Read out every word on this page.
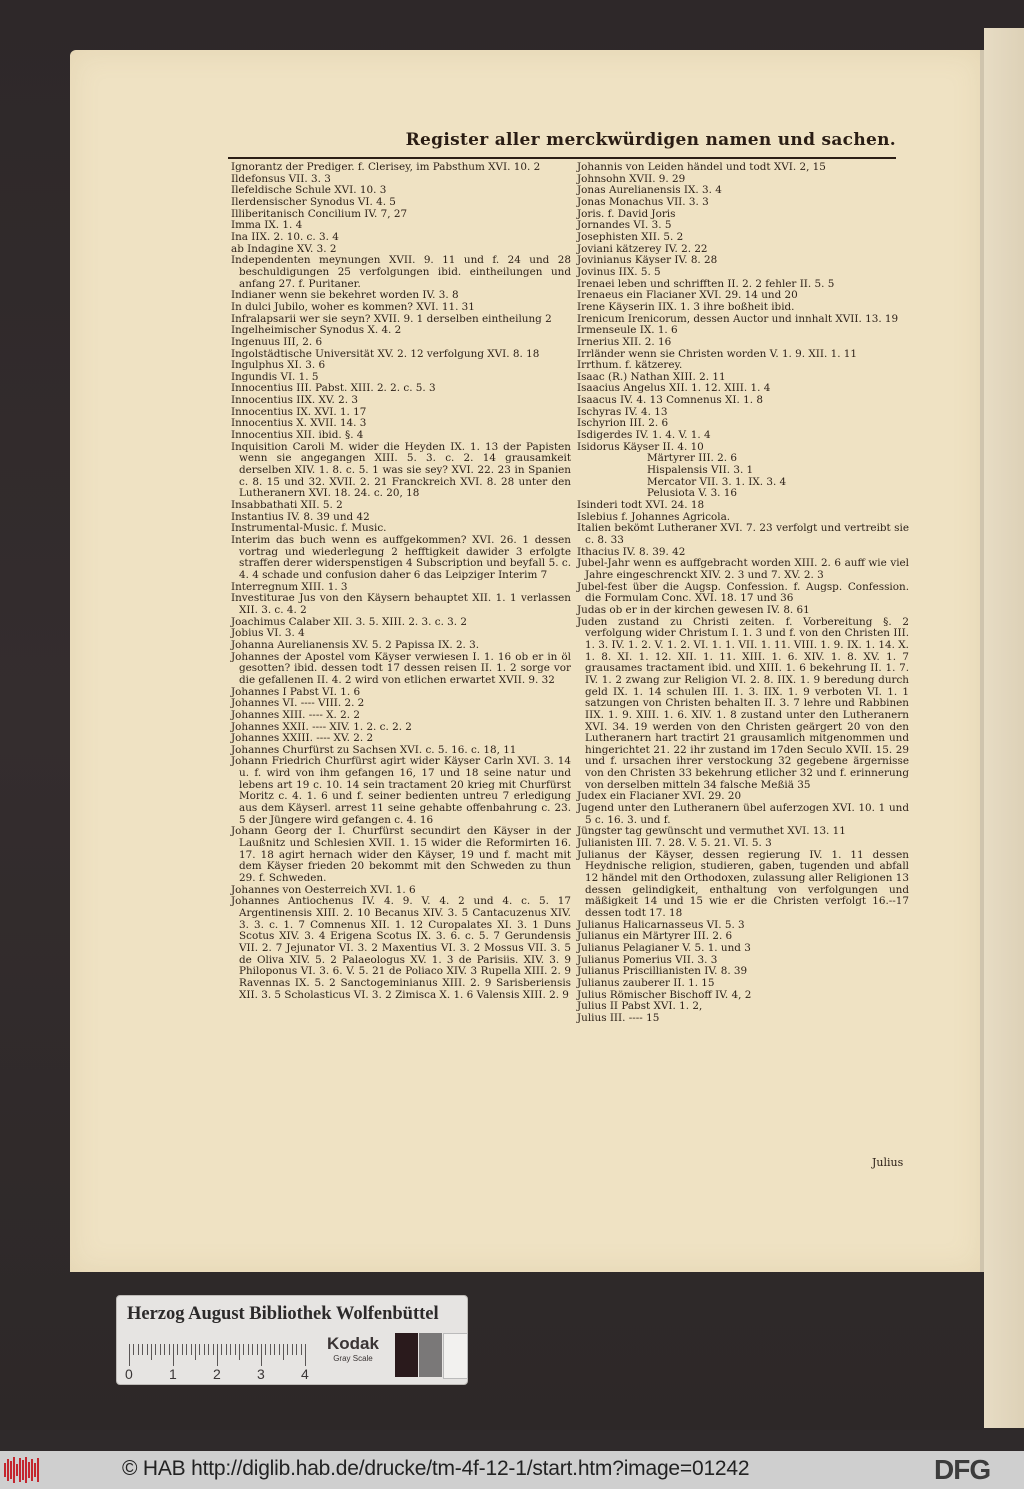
Register aller merckwürdigen namen und sachen.

Ignorantz der Prediger. f. Clerisey, im Pabsthum XVI. 10. 2

Ildefonsus VII. 3. 3

Ilefeldische Schule XVI. 10. 3

Ilerdensischer Synodus VI. 4. 5

Illiberitanisch Concilium IV. 7, 27

Imma IX. 1. 4

Ina IIX. 2. 10. c. 3. 4

ab Indagine XV. 3. 2

Independenten meynungen XVII. 9. 11 und f. 24 und 28 beschuldigungen 25 verfolgungen ibid. eintheilungen und anfang 27. f. Puritaner.

Indianer wenn sie bekehret worden IV. 3. 8

In dulci Jubilo, woher es kommen? XVI. 11. 31

Infralapsarii wer sie seyn? XVII. 9. 1 derselben eintheilung 2

Ingelheimischer Synodus X. 4. 2

Ingenuus III, 2. 6

Ingolstädtische Universität XV. 2. 12 verfolgung XVI. 8. 18

Ingulphus XI. 3. 6

Ingundis VI. 1. 5

Innocentius III. Pabst. XIII. 2. 2. c. 5. 3

Innocentius IIX. XV. 2. 3

Innocentius IX. XVI. 1. 17

Innocentius X. XVII. 14. 3

Innocentius XII. ibid. §. 4

Inquisition Caroli M. wider die Heyden IX. 1. 13 der Papisten wenn sie angegangen XIII. 5. 3. c. 2. 14 grausamkeit derselben XIV. 1. 8. c. 5. 1 was sie sey? XVI. 22. 23 in Spanien c. 8. 15 und 32. XVII. 2. 21 Franckreich XVI. 8. 28 unter den Lutheranern XVI. 18. 24. c. 20, 18

Insabbathati XII. 5. 2

Instantius IV. 8. 39 und 42

Instrumental-Music. f. Music.

Interim das buch wenn es auffgekommen? XVI. 26. 1 dessen vortrag und wiederlegung 2 hefftigkeit dawider 3 erfolgte straffen derer widerspenstigen 4 Subscription und beyfall 5. c. 4. 4 schade und confusion daher 6 das Leipziger Interim 7

Interregnum XIII. 1. 3

Investiturae Jus von den Käysern behauptet XII. 1. 1 verlassen XII. 3. c. 4. 2

Joachimus Calaber XII. 3. 5. XIII. 2. 3. c. 3. 2

Jobius VI. 3. 4

Johanna Aurelianensis XV. 5. 2 Papissa IX. 2. 3.

Johannes der Apostel vom Käyser verwiesen I. 1. 16 ob er in öl gesotten? ibid. dessen todt 17 dessen reisen II. 1. 2 sorge vor die gefallenen II. 4. 2 wird von etlichen erwartet XVII. 9. 32

Johannes I Pabst VI. 1. 6

Johannes VI. ---- VIII. 2. 2

Johannes XIII. ---- X. 2. 2

Johannes XXII. ---- XIV. 1. 2. c. 2. 2

Johannes XXIII. ---- XV. 2. 2

Johannes Churfürst zu Sachsen XVI. c. 5. 16. c. 18, 11

Johann Friedrich Churfürst agirt wider Käyser Carln XVI. 3. 14 u. f. wird von ihm gefangen 16, 17 und 18 seine natur und lebens art 19 c. 10. 14 sein tractament 20 krieg mit Churfürst Moritz c. 4. 1. 6 und f. seiner bedienten untreu 7 erledigung aus dem Käyserl. arrest 11 seine gehabte offenbahrung c. 23. 5 der Jüngere wird gefangen c. 4. 16

Johann Georg der I. Churfürst secundirt den Käyser in der Laußnitz und Schlesien XVII. 1. 15 wider die Reformirten 16. 17. 18 agirt hernach wider den Käyser, 19 und f. macht mit dem Käyser frieden 20 bekommt mit den Schweden zu thun 29. f. Schweden.

Johannes von Oesterreich XVI. 1. 6

Johannes Antiochenus IV. 4. 9. V. 4. 2 und 4. c. 5. 17 Argentinensis XIII. 2. 10 Becanus XIV. 3. 5 Cantacuzenus XIV. 3. 3. c. 1. 7 Comnenus XII. 1. 12 Curopalates XI. 3. 1 Duns Scotus XIV. 3. 4 Erigena Scotus IX. 3. 6. c. 5. 7 Gerundensis VII. 2. 7 Jejunator VI. 3. 2 Maxentius VI. 3. 2 Mossus VII. 3. 5 de Oliva XIV. 5. 2 Palaeologus XV. 1. 3 de Parisiis. XIV. 3. 9 Philoponus VI. 3. 6. V. 5. 21 de Poliaco XIV. 3 Rupella XIII. 2. 9 Ravennas IX. 5. 2 Sanctogeminianus XIII. 2. 9 Sarisberiensis XII. 3. 5 Scholasticus VI. 3. 2 Zimisca X. 1. 6 Valensis XIII. 2. 9

Johannis von Leiden händel und todt XVI. 2, 15

Johnsohn XVII. 9. 29

Jonas Aurelianensis IX. 3. 4

Jonas Monachus VII. 3. 3

Joris. f. David Joris

Jornandes VI. 3. 5

Josephisten XII. 5. 2

Joviani kätzerey IV. 2. 22

Jovinianus Käyser IV. 8. 28

Jovinus IIX. 5. 5

Irenaei leben und schrifften II. 2. 2 fehler II. 5. 5

Irenaeus ein Flacianer XVI. 29. 14 und 20

Irene Käyserin IIX. 1. 3 ihre boßheit ibid.

Irenicum Irenicorum, dessen Auctor und innhalt XVII. 13. 19

Irmenseule IX. 1. 6

Irnerius XII. 2. 16

Irrländer wenn sie Christen worden V. 1. 9. XII. 1. 11

Irrthum. f. kätzerey.

Isaac (R.) Nathan XIII. 2. 11

Isaacius Angelus XII. 1. 12. XIII. 1. 4

Isaacus IV. 4. 13 Comnenus XI. 1. 8

Ischyras IV. 4. 13

Ischyrion III. 2. 6

Isdigerdes IV. 1. 4. V. 1. 4

Isidorus Käyser II. 4. 10

Märtyrer III. 2. 6

Hispalensis VII. 3. 1

Mercator VII. 3. 1. IX. 3. 4

Pelusiota V. 3. 16

Isinderi todt XVI. 24. 18

Islebius f. Johannes Agricola.

Italien bekömt Lutheraner XVI. 7. 23 verfolgt und vertreibt sie c. 8. 33

Ithacius IV. 8. 39. 42

Jubel-Jahr wenn es auffgebracht worden XIII. 2. 6 auff wie viel Jahre eingeschrenckt XIV. 2. 3 und 7. XV. 2. 3

Jubel-fest über die Augsp. Confession. f. Augsp. Confession. die Formulam Conc. XVI. 18. 17 und 36

Judas ob er in der kirchen gewesen IV. 8. 61

Juden zustand zu Christi zeiten. f. Vorbereitung §. 2 verfolgung wider Christum I. 1. 3 und f. von den Christen III. 1. 3. IV. 1. 2. V. 1. 2. VI. 1. 1. VII. 1. 11. VIII. 1. 9. IX. 1. 14. X. 1. 8. XI. 1. 12. XII. 1. 11. XIII. 1. 6. XIV. 1. 8. XV. 1. 7 grausames tractament ibid. und XIII. 1. 6 bekehrung II. 1. 7. IV. 1. 2 zwang zur Religion VI. 2. 8. IIX. 1. 9 beredung durch geld IX. 1. 14 schulen III. 1. 3. IIX. 1. 9 verboten VI. 1. 1 satzungen von Christen behalten II. 3. 7 lehre und Rabbinen IIX. 1. 9. XIII. 1. 6. XIV. 1. 8 zustand unter den Lutheranern XVI. 34. 19 werden von den Christen geärgert 20 von den Lutheranern hart tractirt 21 grausamlich mitgenommen und hingerichtet 21. 22 ihr zustand im 17den Seculo XVII. 15. 29 und f. ursachen ihrer verstockung 32 gegebene ärgernisse von den Christen 33 bekehrung etlicher 32 und f. erinnerung von derselben mitteln 34 falsche Meßiä 35

Judex ein Flacianer XVI. 29. 20

Jugend unter den Lutheranern übel auferzogen XVI. 10. 1 und 5 c. 16. 3. und f.

Jüngster tag gewünscht und vermuthet XVI. 13. 11

Julianisten III. 7. 28. V. 5. 21. VI. 5. 3

Julianus der Käyser, dessen regierung IV. 1. 11 dessen Heydnische religion, studieren, gaben, tugenden und abfall 12 händel mit den Orthodoxen, zulassung aller Religionen 13 dessen gelindigkeit, enthaltung von verfolgungen und mäßigkeit 14 und 15 wie er die Christen verfolgt 16.--17 dessen todt 17. 18

Julianus Halicarnasseus VI. 5. 3

Julianus ein Märtyrer III. 2. 6

Julianus Pelagianer V. 5. 1. und 3

Julianus Pomerius VII. 3. 3

Julianus Priscillianisten IV. 8. 39

Julianus zauberer II. 1. 15

Julius Römischer Bischoff IV. 4, 2

Julius II Pabst XVI. 1. 2,

Julius III. ---- 15

Julius
Herzog August Bibliothek Wolfenbüttel
0	1	2	3	4
Kodak
Gray Scale
© HAB http://diglib.hab.de/drucke/tm-4f-12-1/start.htm?image=01242	DFG
